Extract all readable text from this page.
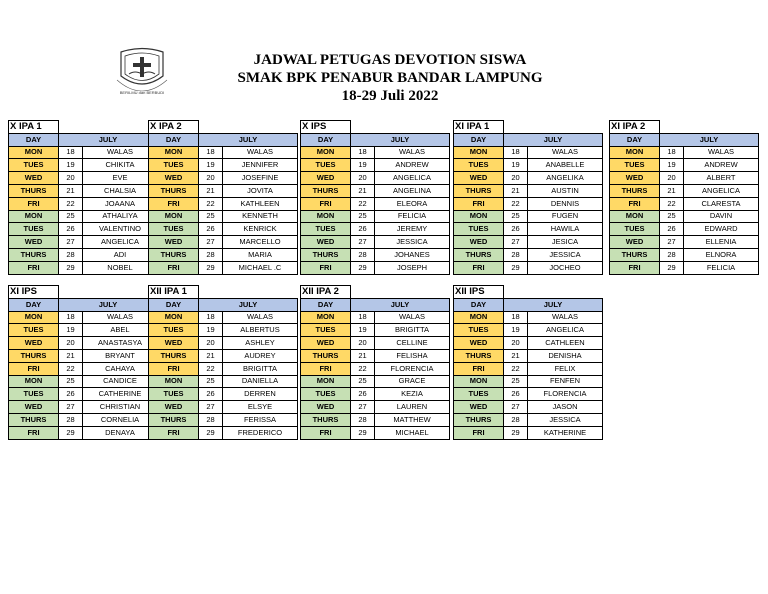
BERILMU dan BERBUDI
JADWAL PETUGAS DEVOTION SISWA
SMAK BPK PENABUR BANDAR LAMPUNG
18-29 Juli 2022
X IPA 1		
DAY	JULY	
MON	18	WALAS
TUES	19	CHIKITA
WED	20	EVE
THURS	21	CHALSIA
FRI	22	JOAANA
MON	25	ATHALIYA
TUES	26	VALENTINO
WED	27	ANGELICA
THURS	28	ADI
FRI	29	NOBEL
X IPA 2		
DAY	JULY	
MON	18	WALAS
TUES	19	JENNIFER
WED	20	JOSEFINE
THURS	21	JOVITA
FRI	22	KATHLEEN
MON	25	KENNETH
TUES	26	KENRICK
WED	27	MARCELLO
THURS	28	MARIA
FRI	29	MICHAEL .C
X IPS		
DAY	JULY	
MON	18	WALAS
TUES	19	ANDREW
WED	20	ANGELICA
THURS	21	ANGELINA
FRI	22	ELEORA
MON	25	FELICIA
TUES	26	JEREMY
WED	27	JESSICA
THURS	28	JOHANES
FRI	29	JOSEPH
XI IPA 1		
DAY	JULY	
MON	18	WALAS
TUES	19	ANABELLE
WED	20	ANGELIKA
THURS	21	AUSTIN
FRI	22	DENNIS
MON	25	FUGEN
TUES	26	HAWILA
WED	27	JESICA
THURS	28	JESSICA
FRI	29	JOCHEO
XI IPA 2		
DAY	JULY	
MON	18	WALAS
TUES	19	ANDREW
WED	20	ALBERT
THURS	21	ANGELICA
FRI	22	CLARESTA
MON	25	DAVIN
TUES	26	EDWARD
WED	27	ELLENIA
THURS	28	ELNORA
FRI	29	FELICIA
XI IPS		
DAY	JULY	
MON	18	WALAS
TUES	19	ABEL
WED	20	ANASTASYA
THURS	21	BRYANT
FRI	22	CAHAYA
MON	25	CANDICE
TUES	26	CATHERINE
WED	27	CHRISTIAN
THURS	28	CORNELIA
FRI	29	DENAYA
XII IPA 1		
DAY	JULY	
MON	18	WALAS
TUES	19	ALBERTUS
WED	20	ASHLEY
THURS	21	AUDREY
FRI	22	BRIGITTA
MON	25	DANIELLA
TUES	26	DERREN
WED	27	ELSYE
THURS	28	FERISSA
FRI	29	FREDERICO
XII IPA 2		
DAY	JULY	
MON	18	WALAS
TUES	19	BRIGITTA
WED	20	CELLINE
THURS	21	FELISHA
FRI	22	FLORENCIA
MON	25	GRACE
TUES	26	KEZIA
WED	27	LAUREN
THURS	28	MATTHEW
FRI	29	MICHAEL
XII IPS		
DAY	JULY	
MON	18	WALAS
TUES	19	ANGELICA
WED	20	CATHLEEN
THURS	21	DENISHA
FRI	22	FELIX
MON	25	FENFEN
TUES	26	FLORENCIA
WED	27	JASON
THURS	28	JESSICA
FRI	29	KATHERINE
